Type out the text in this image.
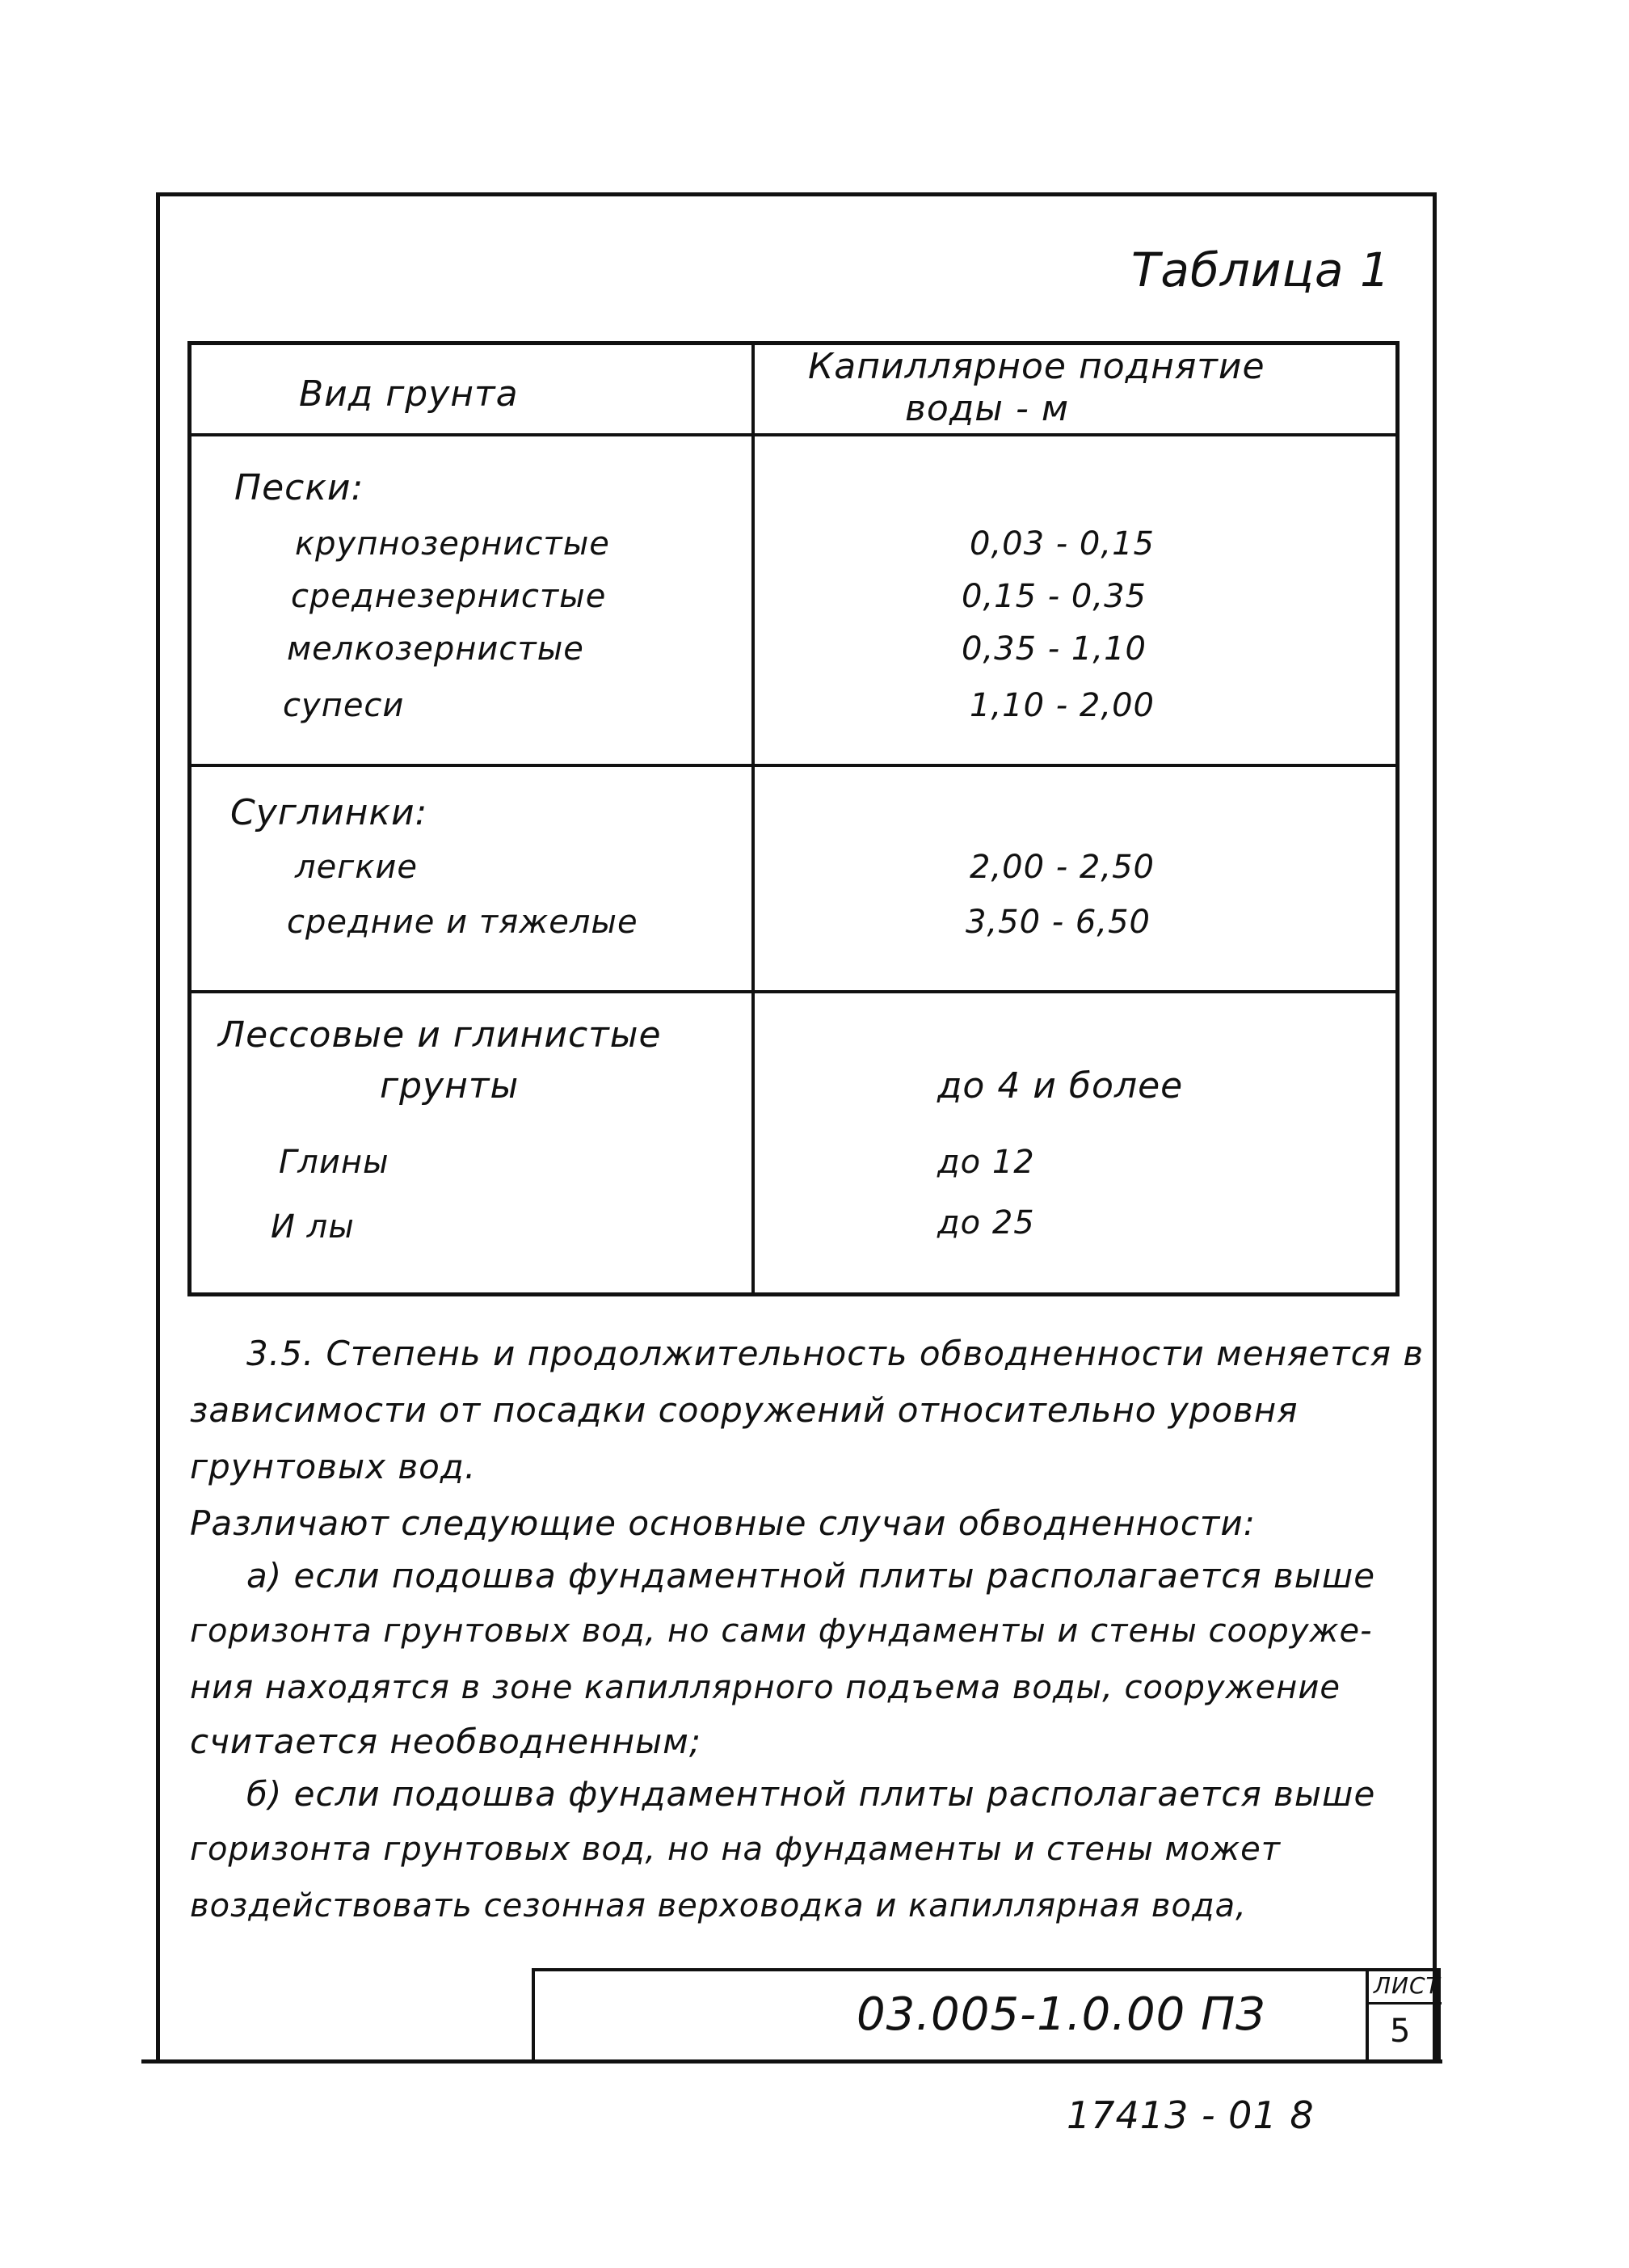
Таблица 1
Вид грунта
Капиллярное поднятие
воды - м
Пески:
крупнозернистые	0,03 - 0,15
среднезернистые	0,15 - 0,35
мелкозернистые	0,35 - 1,10
супеси	1,10 - 2,00
Суглинки:
легкие	2,00 - 2,50
средние и тяжелые	3,50 - 6,50
Лессовые и глинистые
грунты	до 4 и более
Глины	до 12
И лы	до 25
3.5. Степень и продолжительность обводненности меняется в
зависимости от посадки сооружений относительно уровня
грунтовых вод.
Различают следующие основные случаи обводненности:
а) если подошва фундаментной плиты располагается выше
горизонта грунтовых вод, но сами фундаменты и стены сооруже-
ния находятся в зоне капиллярного подъема воды, сооружение
считается необводненным;
б) если подошва фундаментной плиты располагается выше
горизонта грунтовых вод, но на фундаменты и стены может
воздействовать сезонная верховодка и капиллярная вода,
03.005-1.0.00 ПЗ
ЛИСТ
5
17413 - 01 8
